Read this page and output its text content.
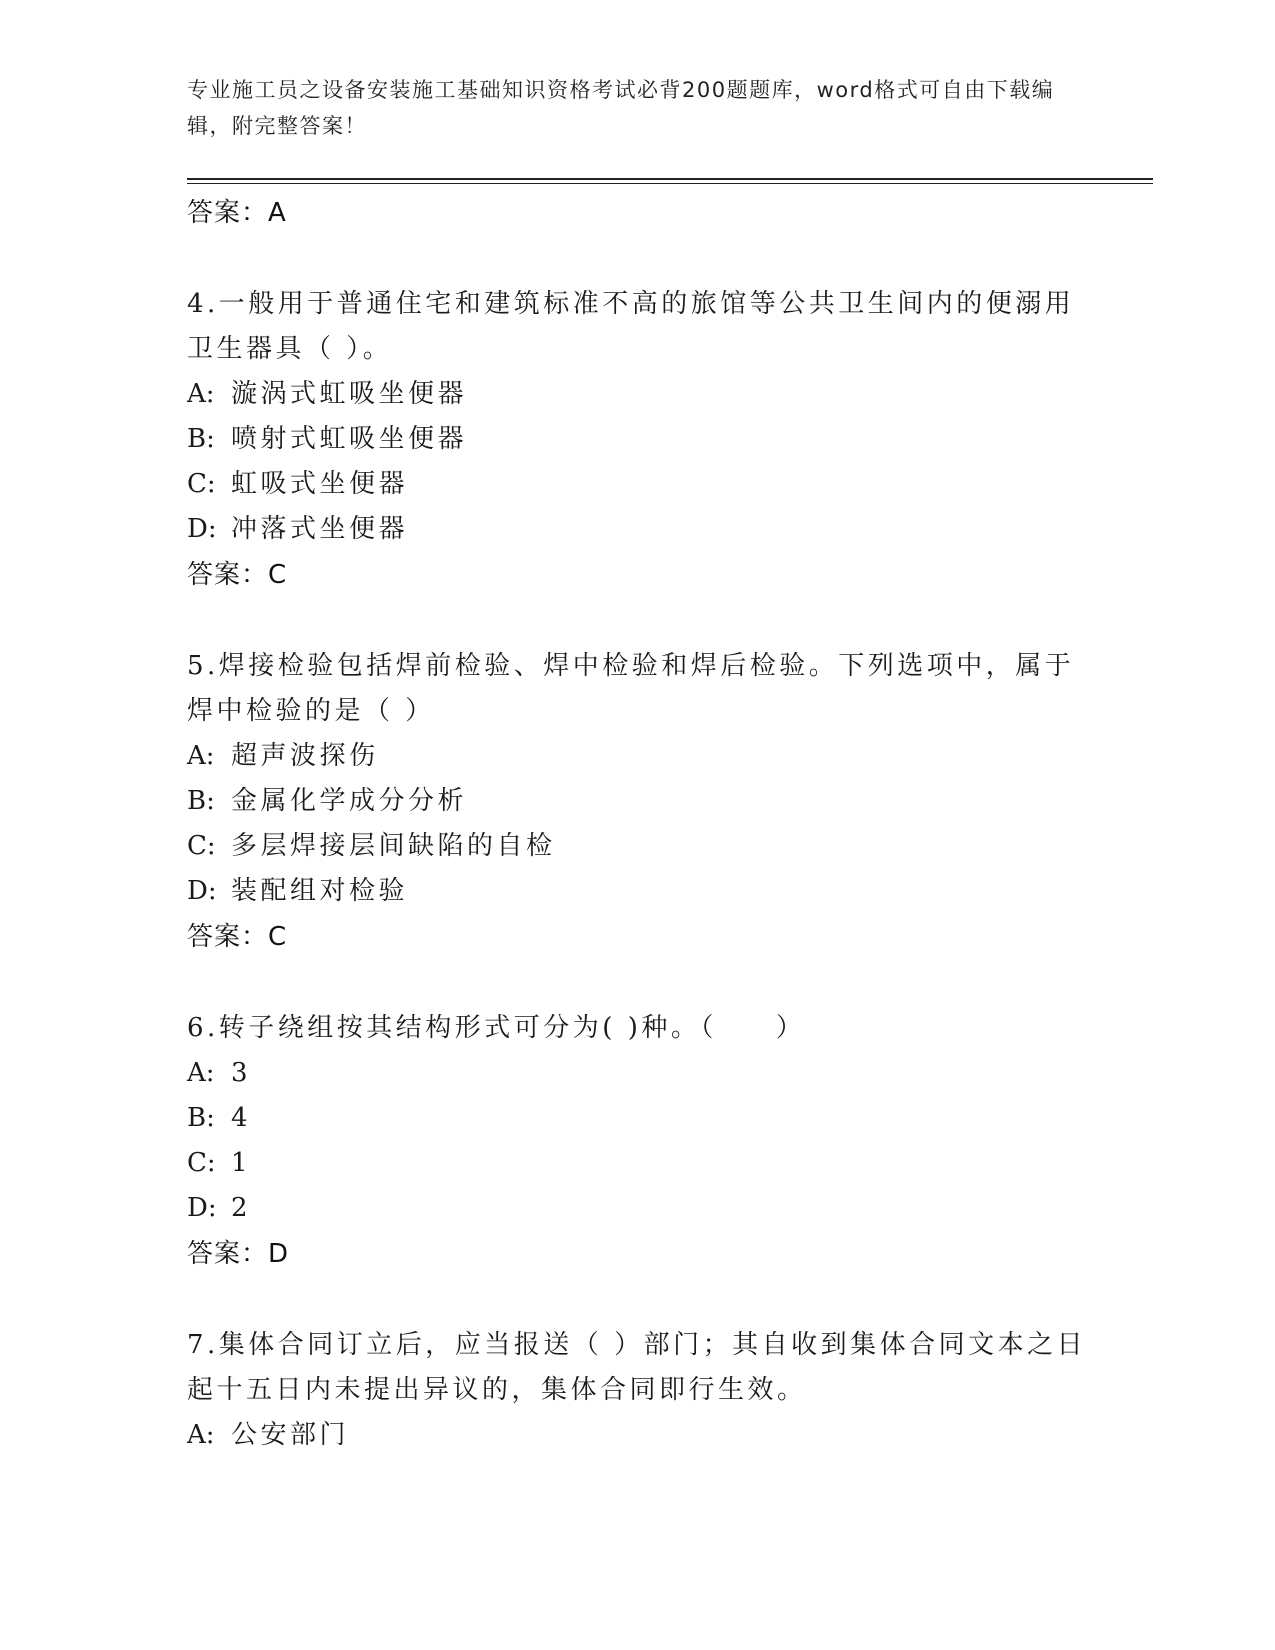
专业施工员之设备安装施工基础知识资格考试必背200题题库，word格式可自由下载编辑，附完整答案！
答案：A
4.一般用于普通住宅和建筑标准不高的旅馆等公共卫生间内的便溺用卫生器具（ ）。
A: 漩涡式虹吸坐便器
B: 喷射式虹吸坐便器
C: 虹吸式坐便器
D: 冲落式坐便器
答案：C
5.焊接检验包括焊前检验、焊中检验和焊后检验。下列选项中，属于焊中检验的是（ ）
A: 超声波探伤
B: 金属化学成分分析
C: 多层焊接层间缺陷的自检
D: 装配组对检验
答案：C
6.转子绕组按其结构形式可分为( )种。（　　）
A: 3
B: 4
C: 1
D: 2
答案：D
7.集体合同订立后，应当报送（ ）部门；其自收到集体合同文本之日起十五日内未提出异议的，集体合同即行生效。
A: 公安部门
